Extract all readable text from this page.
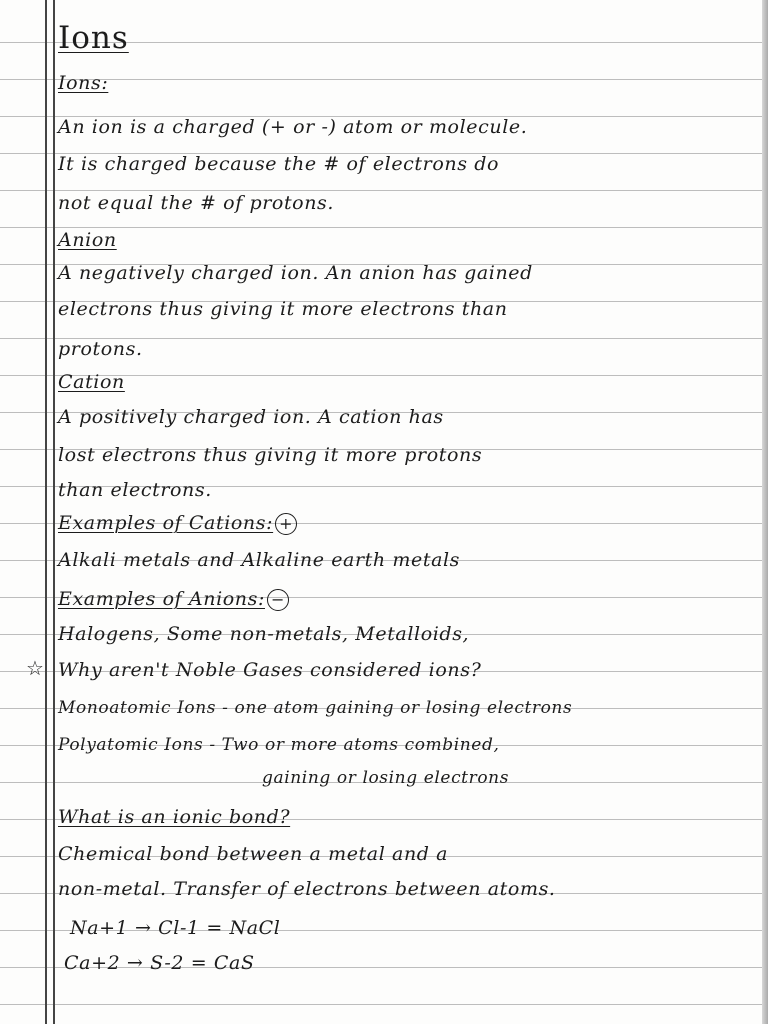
Ions
Ions:
An ion is a charged (+ or -) atom or molecule.
It is charged because the # of electrons do
not equal the # of protons.
Anion
A negatively charged ion. An anion has gained
electrons thus giving it more electrons than
protons.
Cation
A positively charged ion. A cation has
lost electrons thus giving it more protons
than electrons.
Examples of Cations: +
Alkali metals and Alkaline earth metals
Examples of Anions: −
Halogens, Some non-metals, Metalloids,
☆ Why aren't Noble Gases considered ions?
Monoatomic Ions - one atom gaining or losing electrons
Polyatomic Ions - Two or more atoms combined,
gaining or losing electrons
What is an ionic bond?
Chemical bond between a metal and a
non-metal. Transfer of electrons between atoms.
Na+1 → Cl-1 = NaCl
Ca+2 → S-2 = CaS
